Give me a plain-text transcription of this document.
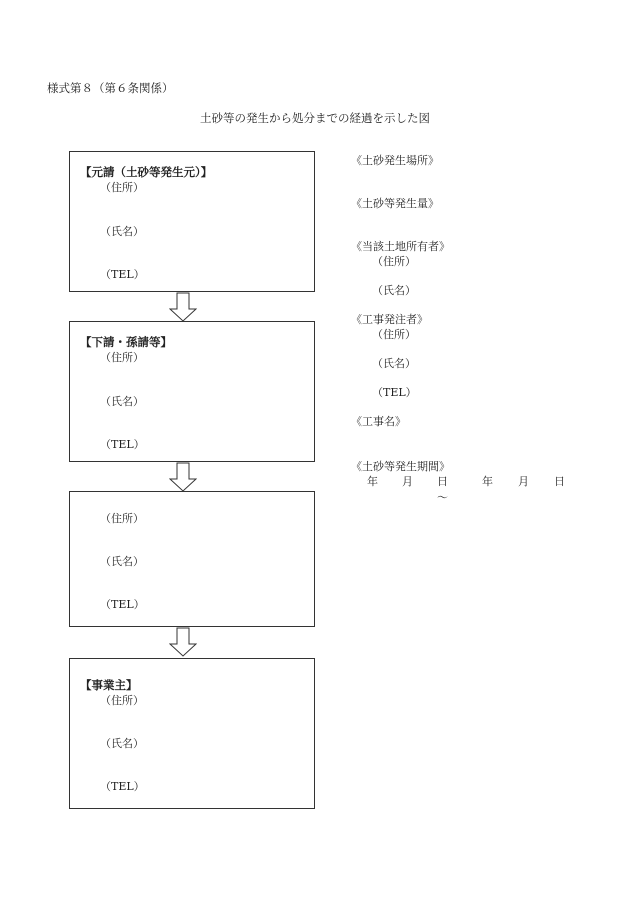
様式第８（第６条関係）
土砂等の発生から処分までの経過を示した図
【元請（土砂等発生元）】
（住所）
（氏名）
（TEL）
【下請・孫請等】
（住所）
（氏名）
（TEL）
（住所）
（氏名）
（TEL）
【事業主】
（住所）
（氏名）
（TEL）
《土砂発生場所》
《土砂等発生量》
《当該土地所有者》
（住所）
（氏名）
《工事発注者》
（住所）
（氏名）
（TEL）
《工事名》
《土砂等発生期間》
年 月 日～
年 月 日
